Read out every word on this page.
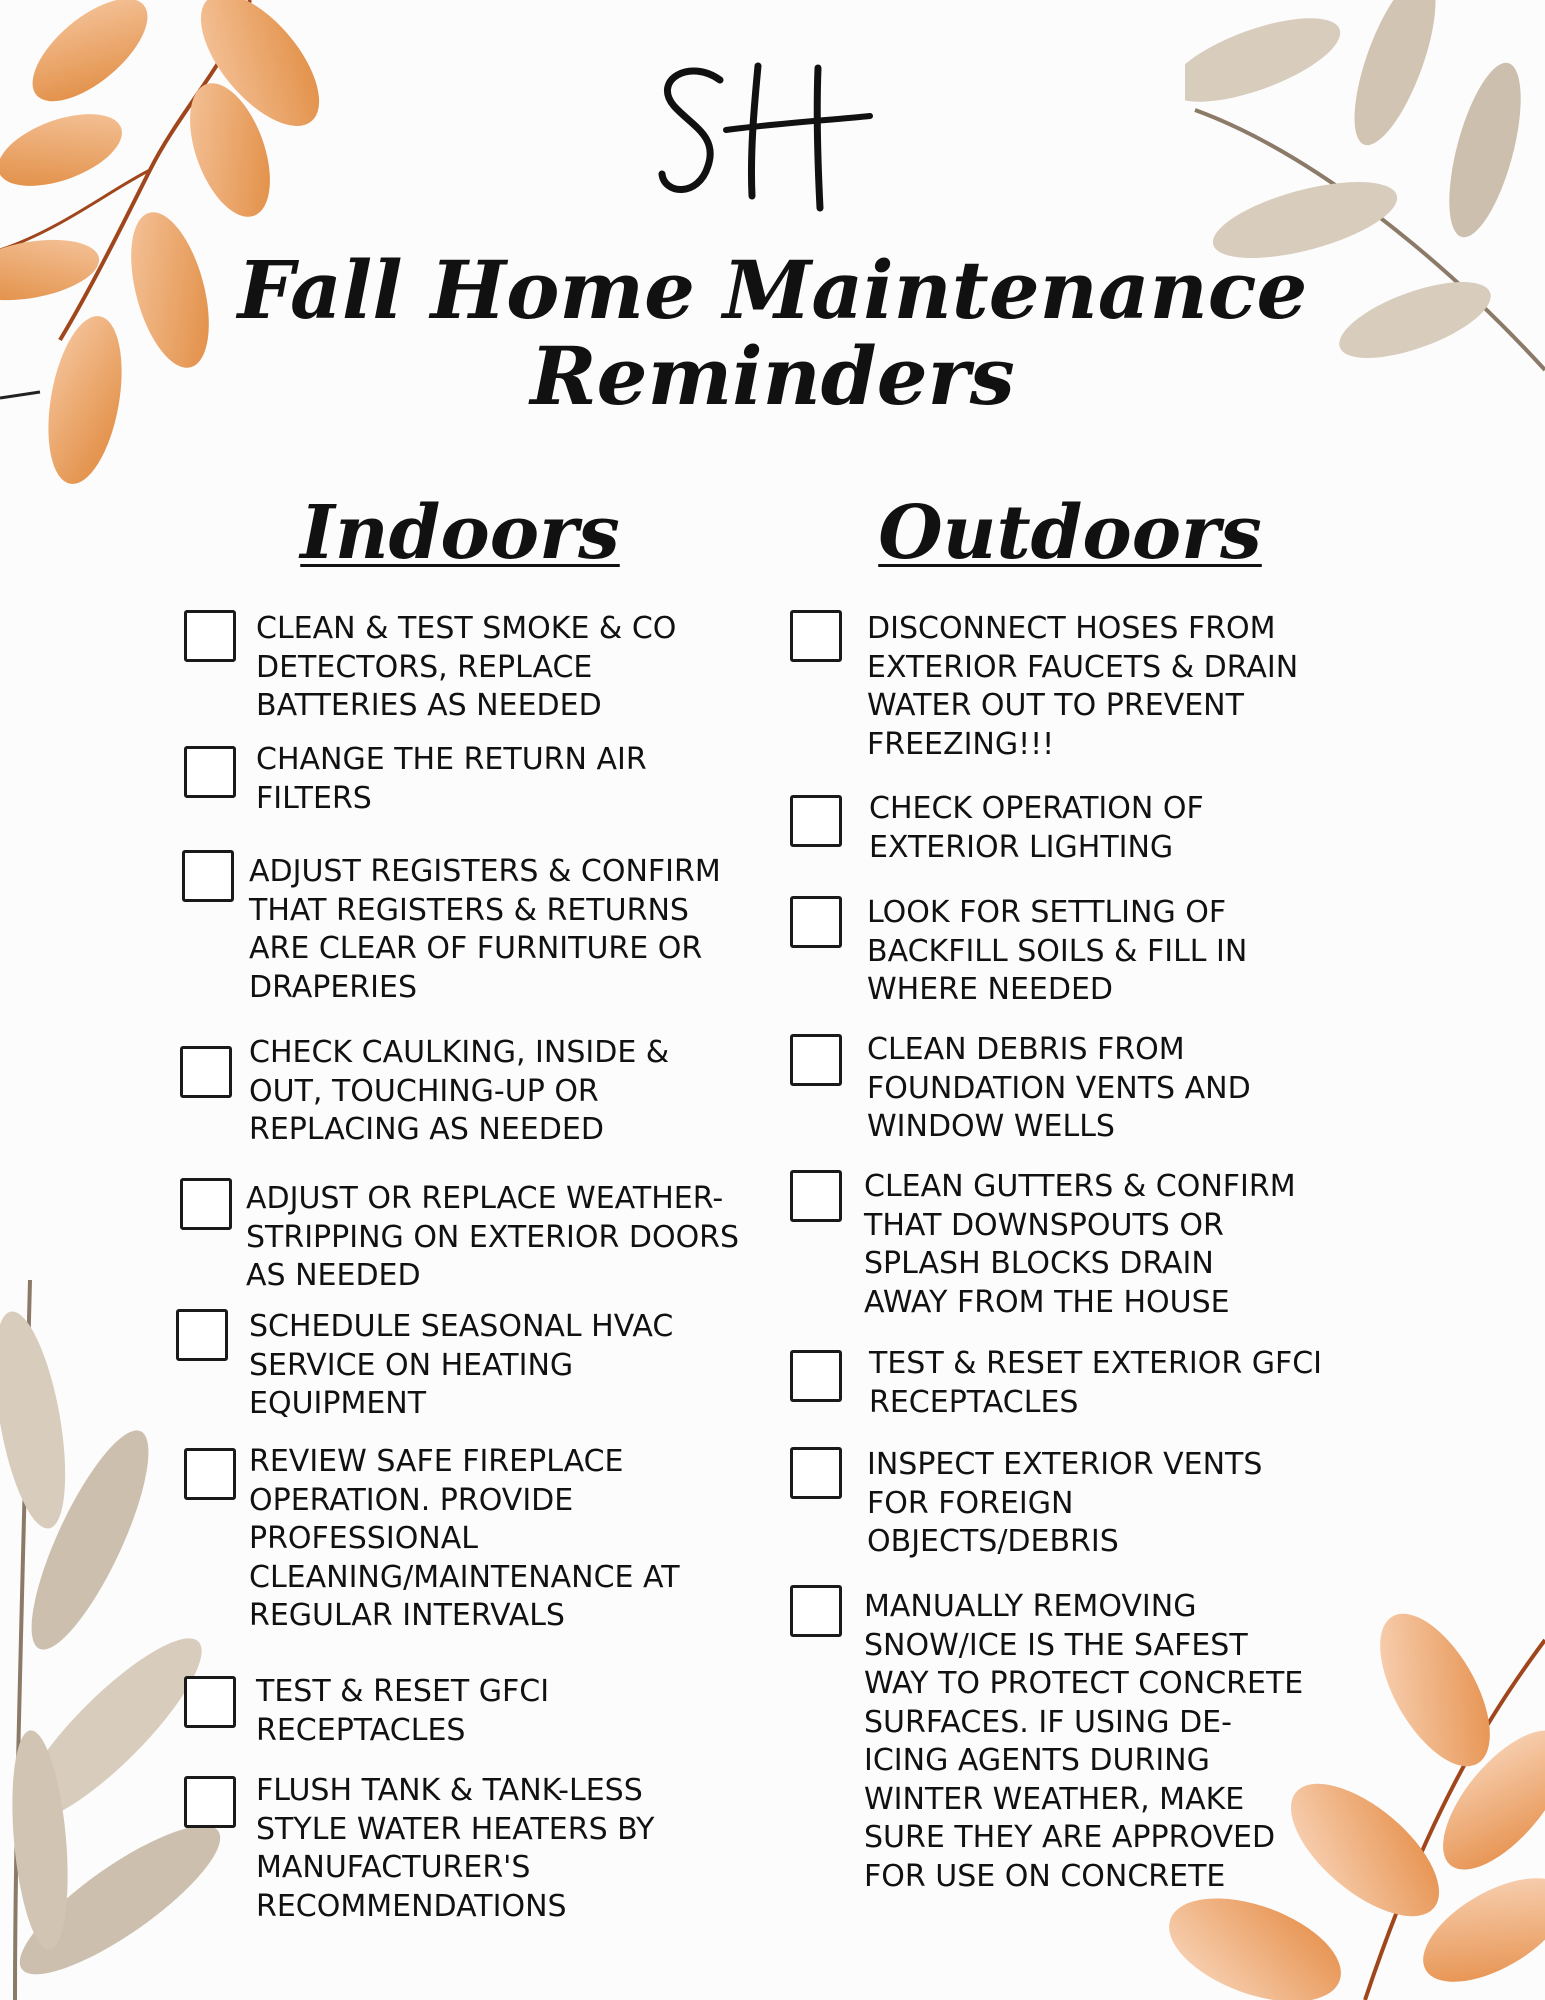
Fall Home Maintenance
Reminders
Indoors	Outdoors
CLEAN & TEST SMOKE & CO
DETECTORS, REPLACE
BATTERIES AS NEEDED
CHANGE THE RETURN AIR
FILTERS
ADJUST REGISTERS & CONFIRM
THAT REGISTERS & RETURNS
ARE CLEAR OF FURNITURE OR
DRAPERIES
CHECK CAULKING, INSIDE &
OUT, TOUCHING-UP OR
REPLACING AS NEEDED
ADJUST OR REPLACE WEATHER-
STRIPPING ON EXTERIOR DOORS
AS NEEDED
SCHEDULE SEASONAL HVAC
SERVICE ON HEATING
EQUIPMENT
REVIEW SAFE FIREPLACE
OPERATION. PROVIDE
PROFESSIONAL
CLEANING/MAINTENANCE AT
REGULAR INTERVALS
TEST & RESET GFCI
RECEPTACLES
FLUSH TANK & TANK-LESS
STYLE WATER HEATERS BY
MANUFACTURER'S
RECOMMENDATIONS
DISCONNECT HOSES FROM
EXTERIOR FAUCETS & DRAIN
WATER OUT TO PREVENT
FREEZING!!!
CHECK OPERATION OF
EXTERIOR LIGHTING
LOOK FOR SETTLING OF
BACKFILL SOILS & FILL IN
WHERE NEEDED
CLEAN DEBRIS FROM
FOUNDATION VENTS AND
WINDOW WELLS
CLEAN GUTTERS & CONFIRM
THAT DOWNSPOUTS OR
SPLASH BLOCKS DRAIN
AWAY FROM THE HOUSE
TEST & RESET EXTERIOR GFCI
RECEPTACLES
INSPECT EXTERIOR VENTS
FOR FOREIGN
OBJECTS/DEBRIS
MANUALLY REMOVING
SNOW/ICE IS THE SAFEST
WAY TO PROTECT CONCRETE
SURFACES. IF USING DE-
ICING AGENTS DURING
WINTER WEATHER, MAKE
SURE THEY ARE APPROVED
FOR USE ON CONCRETE
